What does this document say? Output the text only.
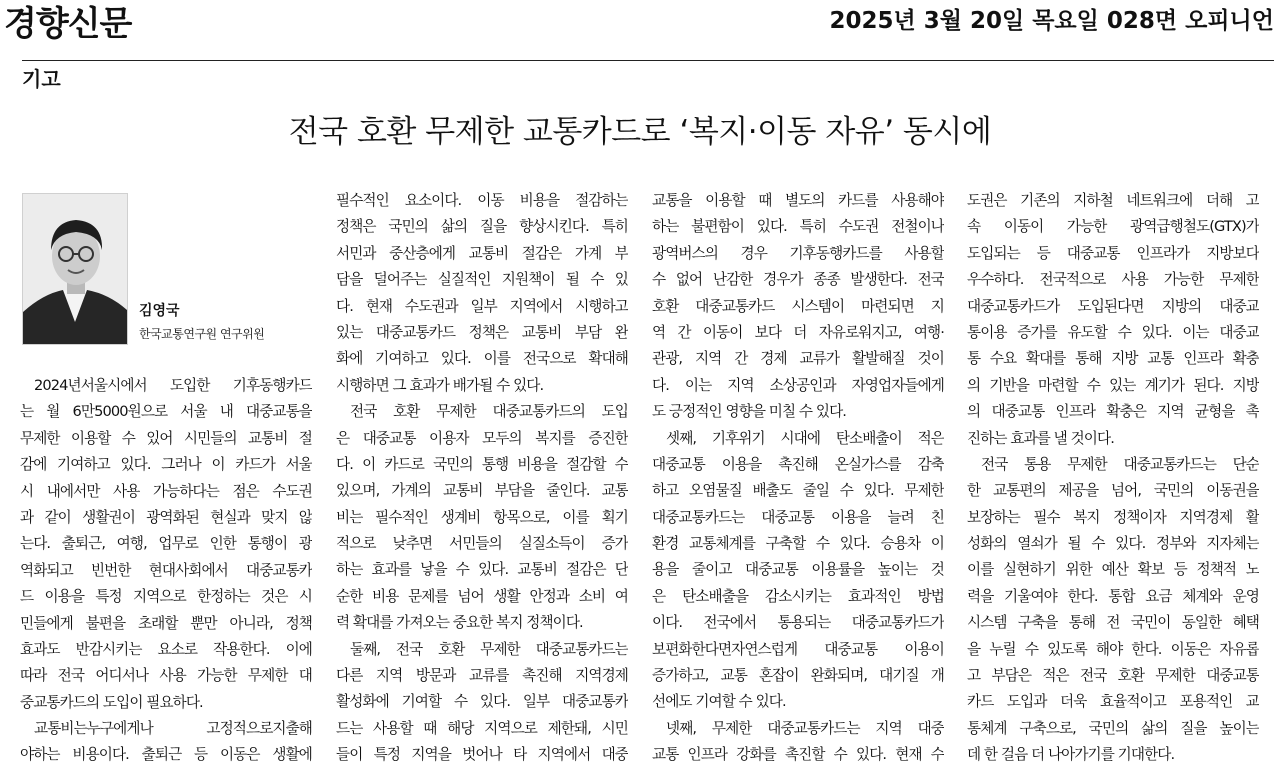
경향신문	2025년 3월 20일 목요일 028면 오피니언
기고
전국 호환 무제한 교통카드로 ‘복지·이동 자유’ 동시에
김영국
한국교통연구원 연구위원
2024년서울시에서 도입한 기후동행카드
는 월 6만5000원으로 서울 내 대중교통을
무제한 이용할 수 있어 시민들의 교통비 절
감에 기여하고 있다. 그러나 이 카드가 서울
시 내에서만 사용 가능하다는 점은 수도권
과 같이 생활권이 광역화된 현실과 맞지 않
는다. 출퇴근, 여행, 업무로 인한 통행이 광
역화되고 빈번한 현대사회에서 대중교통카
드 이용을 특정 지역으로 한정하는 것은 시
민들에게 불편을 초래할 뿐만 아니라, 정책
효과도 반감시키는 요소로 작용한다. 이에
따라 전국 어디서나 사용 가능한 무제한 대
중교통카드의 도입이 필요하다.
교통비는누구에게나 고정적으로지출해
야하는 비용이다. 출퇴근 등 이동은 생활에
필수적인 요소이다. 이동 비용을 절감하는
정책은 국민의 삶의 질을 향상시킨다. 특히
서민과 중산층에게 교통비 절감은 가계 부
담을 덜어주는 실질적인 지원책이 될 수 있
다. 현재 수도권과 일부 지역에서 시행하고
있는 대중교통카드 정책은 교통비 부담 완
화에 기여하고 있다. 이를 전국으로 확대해
시행하면 그 효과가 배가될 수 있다.
전국 호환 무제한 대중교통카드의 도입
은 대중교통 이용자 모두의 복지를 증진한
다. 이 카드로 국민의 통행 비용을 절감할 수
있으며, 가계의 교통비 부담을 줄인다. 교통
비는 필수적인 생계비 항목으로, 이를 획기
적으로 낮추면 서민들의 실질소득이 증가
하는 효과를 낳을 수 있다. 교통비 절감은 단
순한 비용 문제를 넘어 생활 안정과 소비 여
력 확대를 가져오는 중요한 복지 정책이다.
둘째, 전국 호환 무제한 대중교통카드는
다른 지역 방문과 교류를 촉진해 지역경제
활성화에 기여할 수 있다. 일부 대중교통카
드는 사용할 때 해당 지역으로 제한돼, 시민
들이 특정 지역을 벗어나 타 지역에서 대중
교통을 이용할 때 별도의 카드를 사용해야
하는 불편함이 있다. 특히 수도권 전철이나
광역버스의 경우 기후동행카드를 사용할
수 없어 난감한 경우가 종종 발생한다. 전국
호환 대중교통카드 시스템이 마련되면 지
역 간 이동이 보다 더 자유로워지고, 여행·
관광, 지역 간 경제 교류가 활발해질 것이
다. 이는 지역 소상공인과 자영업자들에게
도 긍정적인 영향을 미칠 수 있다.
셋째, 기후위기 시대에 탄소배출이 적은
대중교통 이용을 촉진해 온실가스를 감축
하고 오염물질 배출도 줄일 수 있다. 무제한
대중교통카드는 대중교통 이용을 늘려 친
환경 교통체계를 구축할 수 있다. 승용차 이
용을 줄이고 대중교통 이용률을 높이는 것
은 탄소배출을 감소시키는 효과적인 방법
이다. 전국에서 통용되는 대중교통카드가
보편화한다면자연스럽게 대중교통 이용이
증가하고, 교통 혼잡이 완화되며, 대기질 개
선에도 기여할 수 있다.
넷째, 무제한 대중교통카드는 지역 대중
교통 인프라 강화를 촉진할 수 있다. 현재 수
도권은 기존의 지하철 네트워크에 더해 고
속 이동이 가능한 광역급행철도(GTX)가
도입되는 등 대중교통 인프라가 지방보다
우수하다. 전국적으로 사용 가능한 무제한
대중교통카드가 도입된다면 지방의 대중교
통이용 증가를 유도할 수 있다. 이는 대중교
통 수요 확대를 통해 지방 교통 인프라 확충
의 기반을 마련할 수 있는 계기가 된다. 지방
의 대중교통 인프라 확충은 지역 균형을 촉
진하는 효과를 낼 것이다.
전국 통용 무제한 대중교통카드는 단순
한 교통편의 제공을 넘어, 국민의 이동권을
보장하는 필수 복지 정책이자 지역경제 활
성화의 열쇠가 될 수 있다. 정부와 지자체는
이를 실현하기 위한 예산 확보 등 정책적 노
력을 기울여야 한다. 통합 요금 체계와 운영
시스템 구축을 통해 전 국민이 동일한 혜택
을 누릴 수 있도록 해야 한다. 이동은 자유롭
고 부담은 적은 전국 호환 무제한 대중교통
카드 도입과 더욱 효율적이고 포용적인 교
통체계 구축으로, 국민의 삶의 질을 높이는
데 한 걸음 더 나아가기를 기대한다.
